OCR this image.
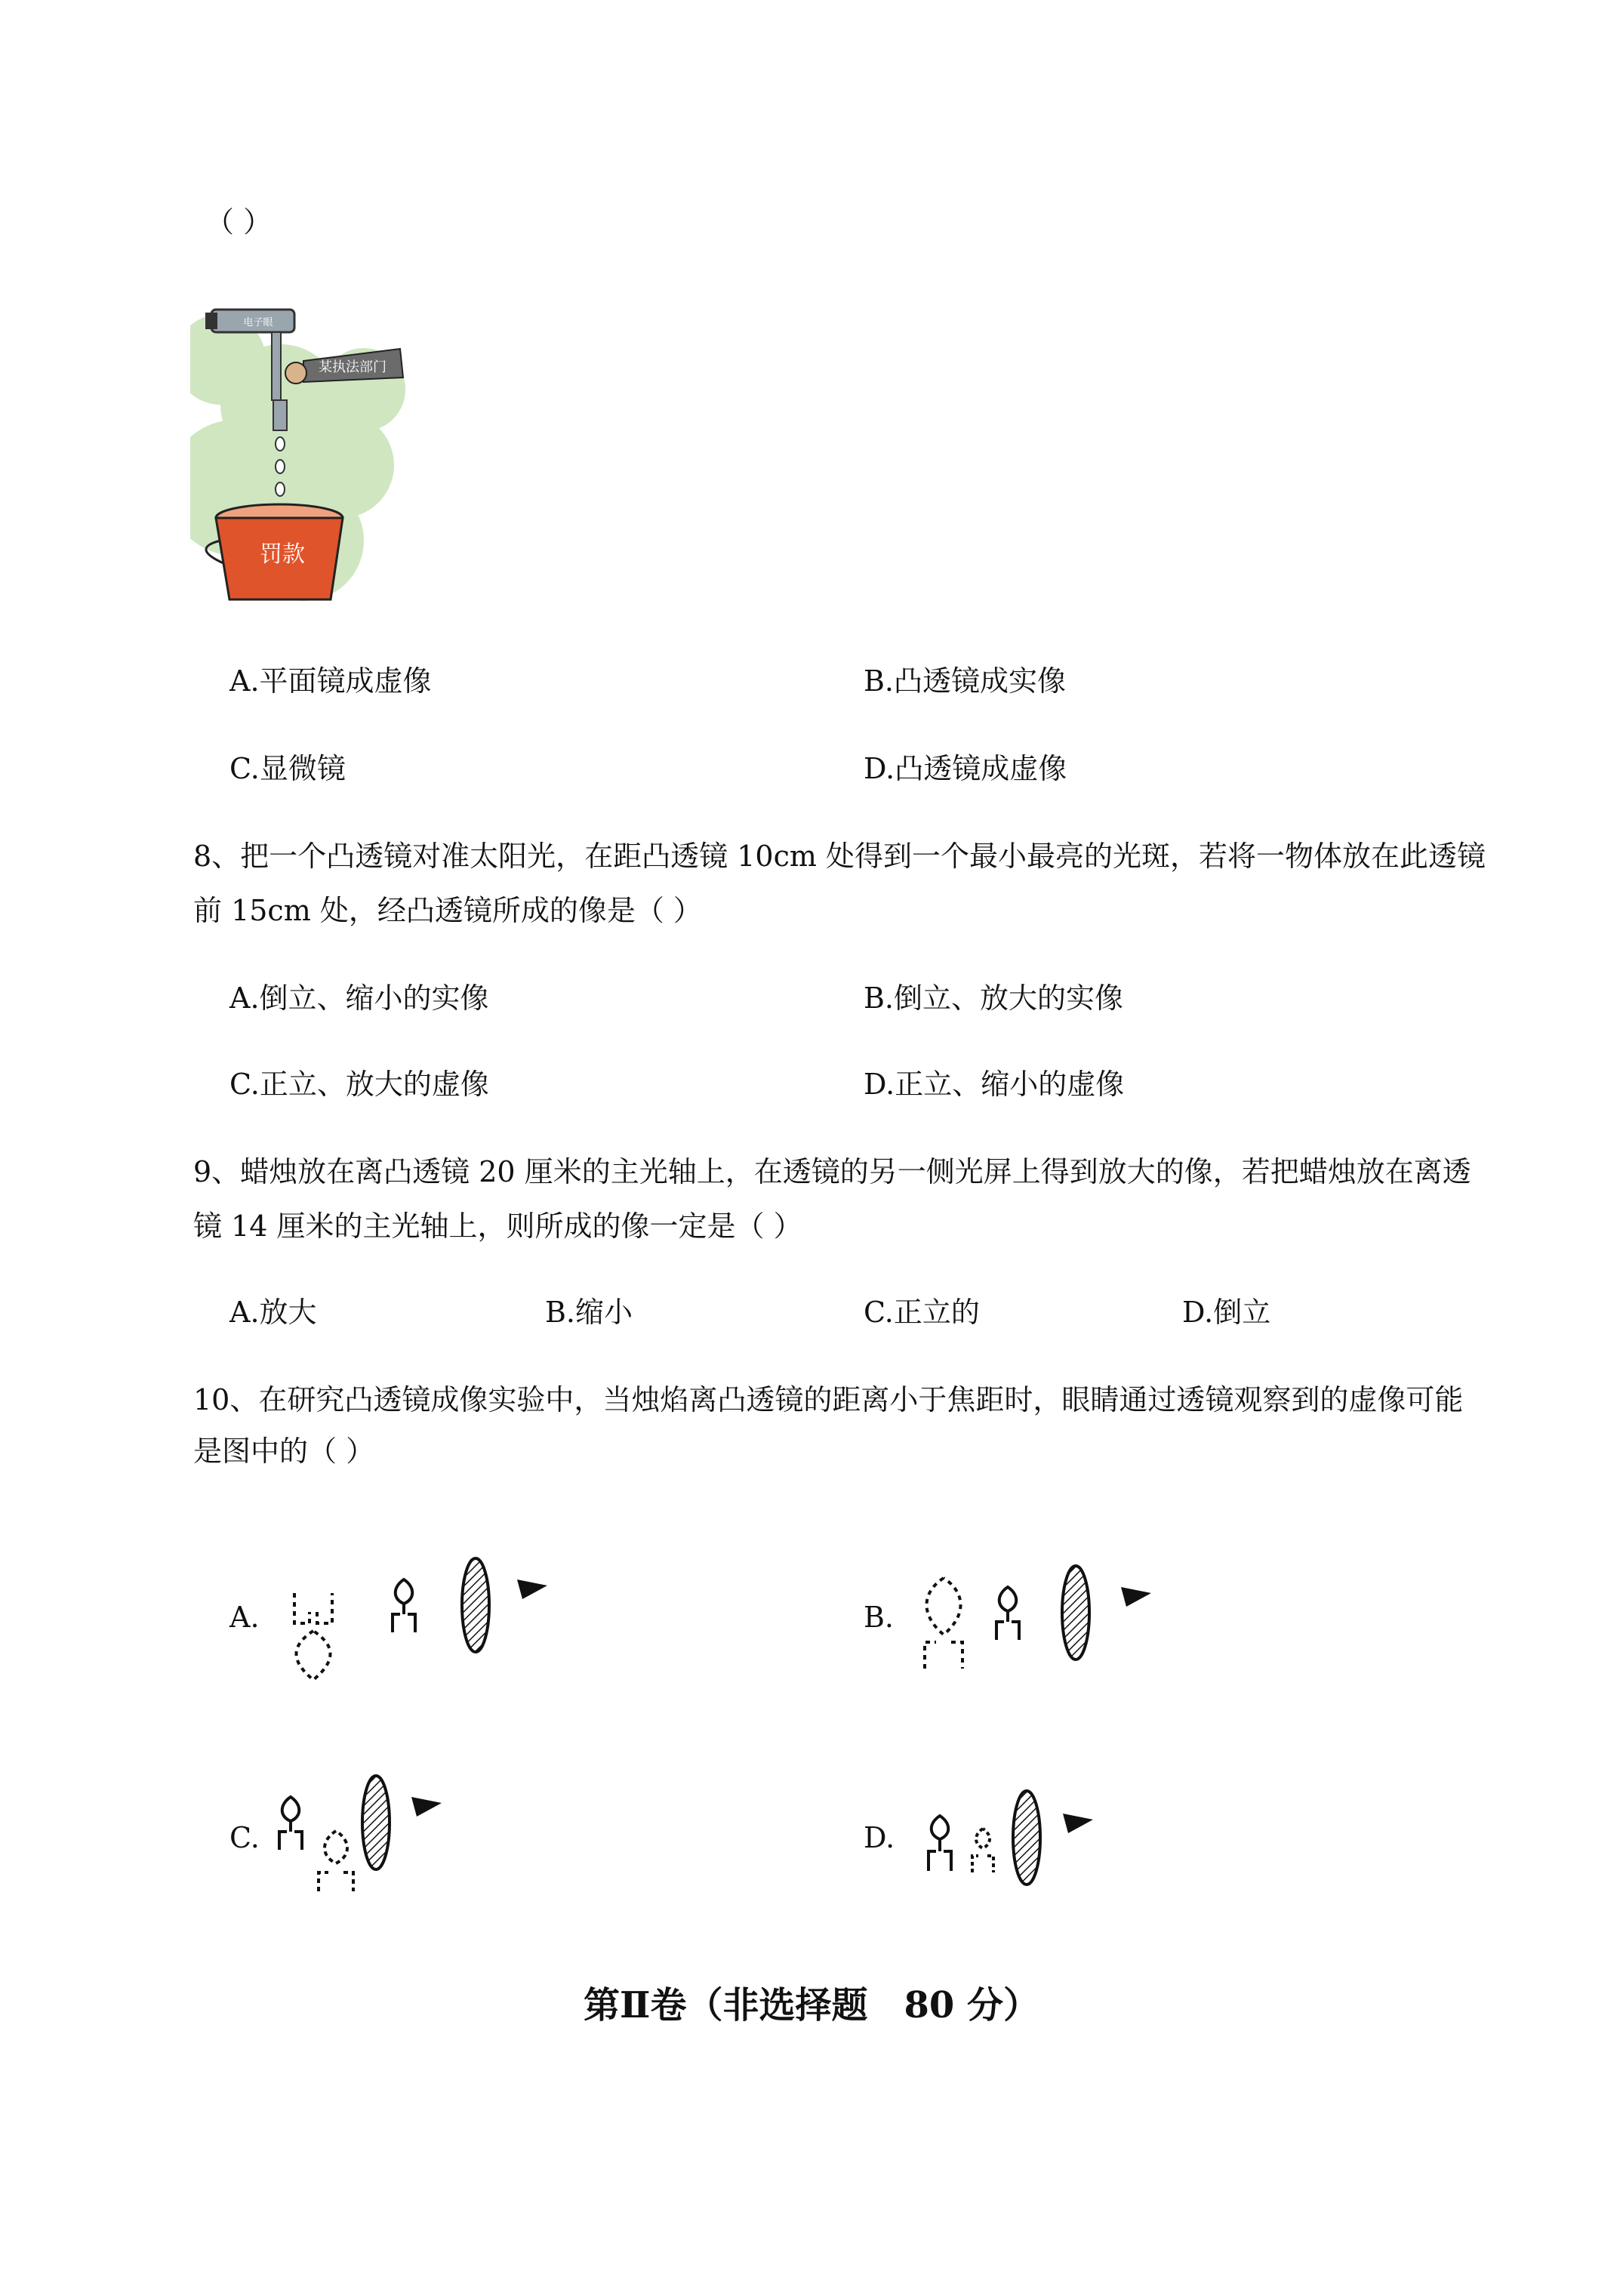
（ ）
电子眼
某执法部门
罚款
A.平面镜成虚像	B.凸透镜成实像
C.显微镜	D.凸透镜成虚像
8、把一个凸透镜对准太阳光，在距凸透镜 10cm 处得到一个最小最亮的光斑，若将一物体放在此透镜
前 15cm 处，经凸透镜所成的像是（ ）
A.倒立、缩小的实像	B.倒立、放大的实像
C.正立、放大的虚像	D.正立、缩小的虚像
9、蜡烛放在离凸透镜 20 厘米的主光轴上，在透镜的另一侧光屏上得到放大的像，若把蜡烛放在离透
镜 14 厘米的主光轴上，则所成的像一定是（ ）
A.放大	B.缩小	C.正立的	D.倒立
10、在研究凸透镜成像实验中，当烛焰离凸透镜的距离小于焦距时，眼睛通过透镜观察到的虚像可能
是图中的（ ）
A.	B.
C.	D.
第Ⅱ卷（非选择题　80 分）
